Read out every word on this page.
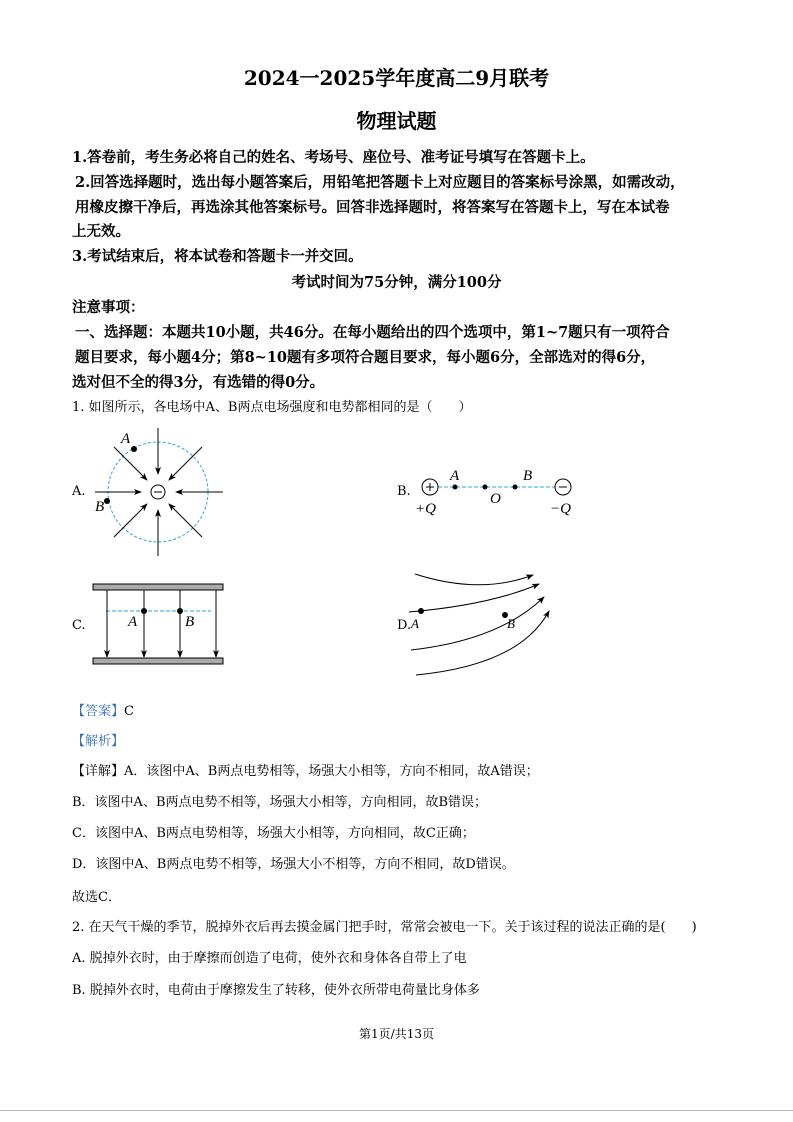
2024一2025学年度高二9月联考
物理试题
1.答卷前，考生务必将自己的姓名、考场号、座位号、准考证号填写在答题卡上。
2.回答选择题时，选出每小题答案后，用铅笔把答题卡上对应题目的答案标号涂黑，如需改动，
用橡皮擦干净后，再选涂其他答案标号。回答非选择题时，将答案写在答题卡上，写在本试卷
上无效。
3.考试结束后，将本试卷和答题卡一并交回。
考试时间为75分钟，满分100分
注意事项：
一、选择题：本题共10小题，共46分。在每小题给出的四个选项中，第1~7题只有一项符合
题目要求，每小题4分；第8~10题有多项符合题目要求，每小题6分，全部选对的得6分，
选对但不全的得3分，有选错的得0分。
1. 如图所示，各电场中A、B两点电场强度和电势都相同的是（　　）
A.	B.
C.	D.
A
B
A	B
O
+Q	−Q
A	B	A	B
【答案】C
【解析】
【详解】A．该图中A、B两点电势相等，场强大小相等，方向不相同，故A错误；
B．该图中A、B两点电势不相等，场强大小相等，方向相同，故B错误；
C．该图中A、B两点电势相等，场强大小相等，方向相同，故C正确；
D．该图中A、B两点电势不相等，场强大小不相等，方向不相同，故D错误。
故选C．
2. 在天气干燥的季节，脱掉外衣后再去摸金属门把手时，常常会被电一下。关于该过程的说法正确的是(　　)
A. 脱掉外衣时，由于摩擦而创造了电荷，使外衣和身体各自带上了电
B. 脱掉外衣时，电荷由于摩擦发生了转移，使外衣所带电荷量比身体多
第1页/共13页
